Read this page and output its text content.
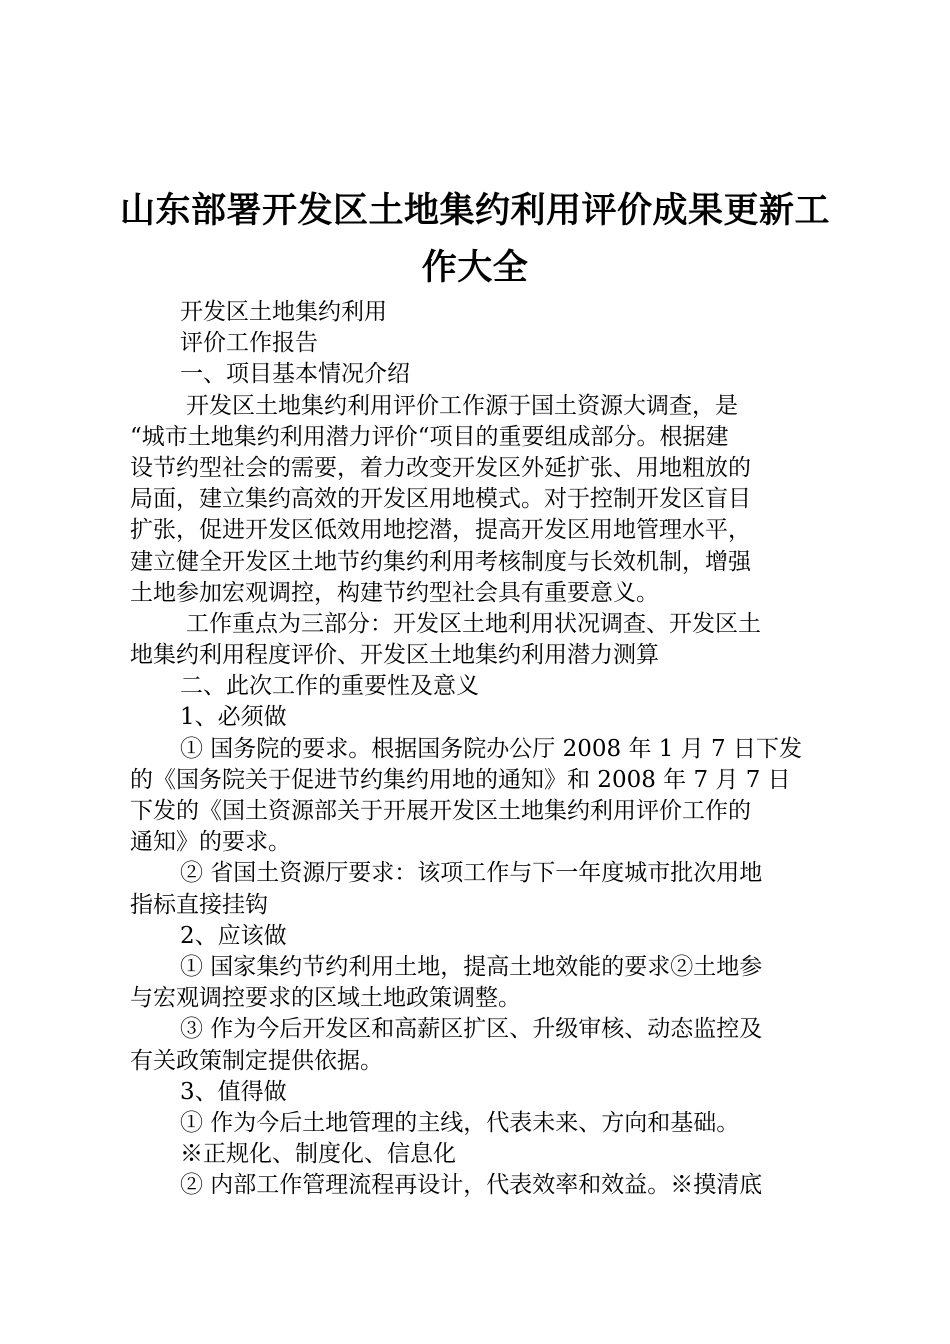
山东部署开发区土地集约利用评价成果更新工
作大全
开发区土地集约利用
评价工作报告
一、项目基本情况介绍
开发区土地集约利用评价工作源于国土资源大调查，是
“城市土地集约利用潜力评价“项目的重要组成部分。根据建
设节约型社会的需要，着力改变开发区外延扩张、用地粗放的
局面，建立集约高效的开发区用地模式。对于控制开发区盲目
扩张，促进开发区低效用地挖潜，提高开发区用地管理水平，
建立健全开发区土地节约集约利用考核制度与长效机制，增强
土地参加宏观调控，构建节约型社会具有重要意义。
工作重点为三部分：开发区土地利用状况调查、开发区土
地集约利用程度评价、开发区土地集约利用潜力测算
二、此次工作的重要性及意义
1、必须做
① 国务院的要求。根据国务院办公厅 2008 年 1 月 7 日下发
的《国务院关于促进节约集约用地的通知》和 2008 年 7 月 7 日
下发的《国土资源部关于开展开发区土地集约利用评价工作的
通知》的要求。
② 省国土资源厅要求：该项工作与下一年度城市批次用地
指标直接挂钩
2、应该做
① 国家集约节约利用土地，提高土地效能的要求②土地参
与宏观调控要求的区域土地政策调整。
③ 作为今后开发区和高薪区扩区、升级审核、动态监控及
有关政策制定提供依据。
3、值得做
① 作为今后土地管理的主线，代表未来、方向和基础。
※正规化、制度化、信息化
② 内部工作管理流程再设计，代表效率和效益。※摸清底
